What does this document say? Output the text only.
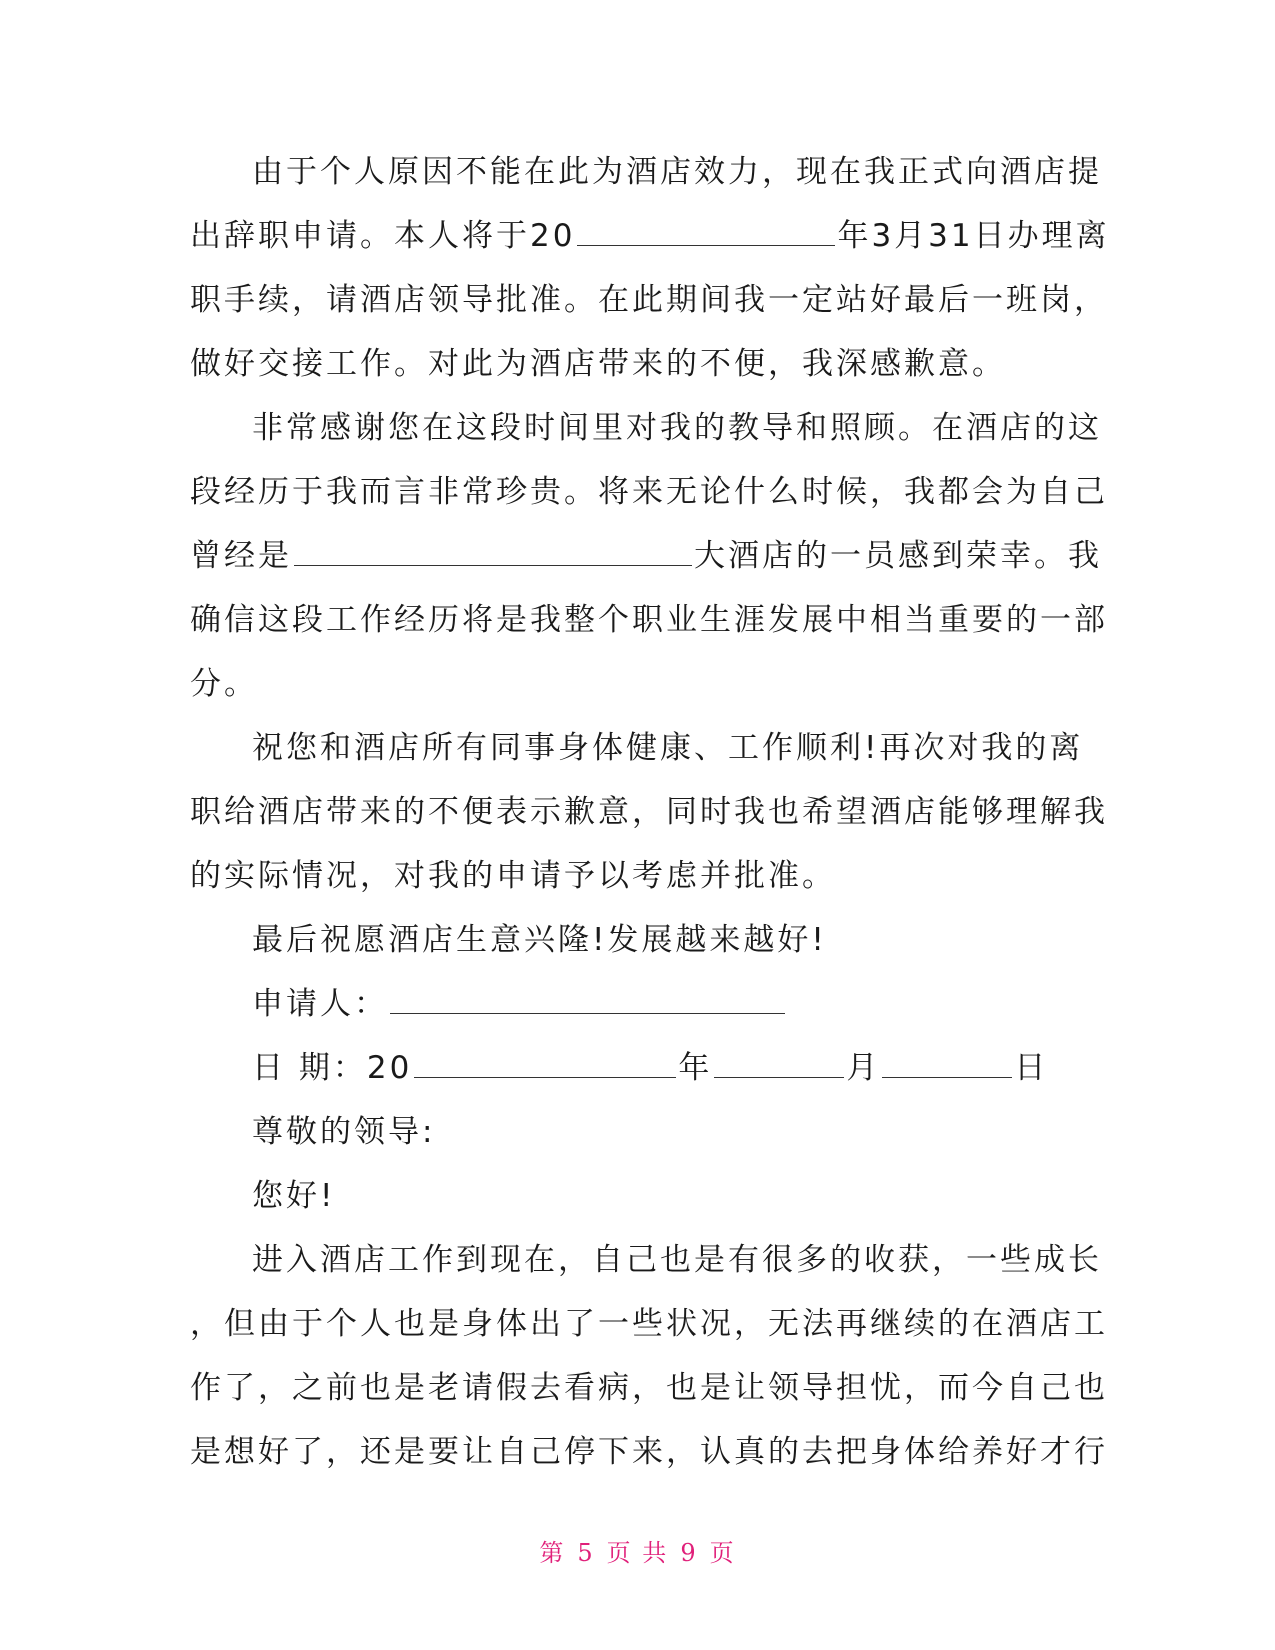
由于个人原因不能在此为酒店效力，现在我正式向酒店提
出辞职申请。本人将于20	年3月31日办理离
职手续，请酒店领导批准。在此期间我一定站好最后一班岗，
做好交接工作。对此为酒店带来的不便，我深感歉意。
非常感谢您在这段时间里对我的教导和照顾。在酒店的这
段经历于我而言非常珍贵。将来无论什么时候，我都会为自己
曾经是	大酒店的一员感到荣幸。我
确信这段工作经历将是我整个职业生涯发展中相当重要的一部
分。
祝您和酒店所有同事身体健康、工作顺利!再次对我的离
职给酒店带来的不便表示歉意，同时我也希望酒店能够理解我
的实际情况，对我的申请予以考虑并批准。
最后祝愿酒店生意兴隆!发展越来越好!
申请人：
日 期：20	年	月	日
尊敬的领导:
您好!
进入酒店工作到现在，自己也是有很多的收获，一些成长
，但由于个人也是身体出了一些状况，无法再继续的在酒店工
作了，之前也是老请假去看病，也是让领导担忧，而今自己也
是想好了，还是要让自己停下来，认真的去把身体给养好才行
第 5 页 共 9 页
